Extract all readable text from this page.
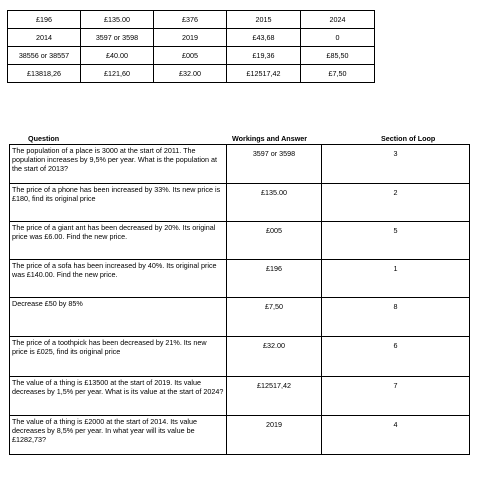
£196	£135.00	£376	2015	2024
2014	3597 or 3598	2019	£43,68	0
38556 or 38557	£40.00	£005	£19,36	£85,50
£13818,26	£121,60	£32.00	£12517,42	£7,50
Question	Workings and Answer	Section of Loop
The population of a place is 3000 at the start of 2011. The population increases by 9,5% per year. What is the population at the start of 2013?	3597 or 3598	3
The price of a phone has been increased by 33%. Its new price is £180, find its original price	£135.00	2
The price of a giant ant has been decreased by 20%. Its original price was £6.00. Find the new price.	£005	5
The price of a sofa has been increased by 40%. Its original price was £140.00. Find the new price.	£196	1
Decrease £50 by 85%	£7,50	8
The price of a toothpick has been decreased by 21%. Its new price is £025, find its original price	£32.00	6
The value of a thing is £13500 at the start of 2019. Its value decreases by 1,5% per year. What is its value at the start of 2024?	£12517,42	7
The value of a thing is £2000 at the start of 2014. Its value decreases by 8,5% per year. In what year will its value be £1282,73?	2019	4
